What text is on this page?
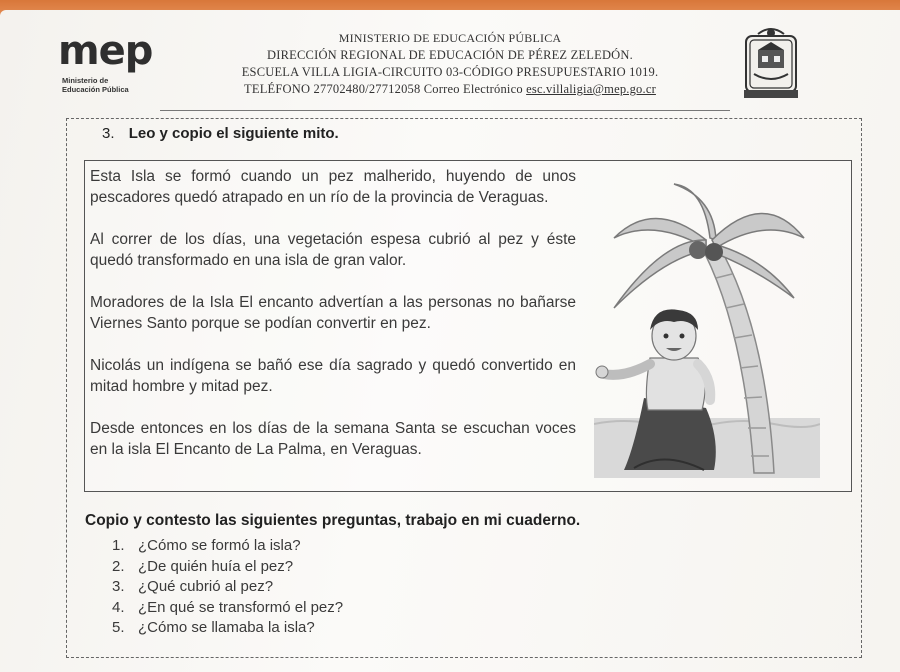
mep
Ministerio de
Educación Pública
MINISTERIO DE EDUCACIÓN PÚBLICA
DIRECCIÓN REGIONAL DE EDUCACIÓN DE PÉREZ ZELEDÓN.
ESCUELA VILLA LIGIA-CIRCUITO 03-CÓDIGO PRESUPUESTARIO 1019.
TELÉFONO 27702480/27712058 Correo Electrónico esc.villaligia@mep.go.cr
3. Leo y copio el siguiente mito.

Esta Isla se formó cuando un pez malherido, huyendo de unos pescadores quedó atrapado en un río de la provincia de Veraguas.

Al correr de los días, una vegetación espesa cubrió al pez y éste quedó transformado en una isla de gran valor.

Moradores de la Isla El encanto advertían a las personas no bañarse Viernes Santo porque se podían convertir en pez.

Nicolás un indígena se bañó ese día sagrado y quedó convertido en mitad hombre y mitad pez.

Desde entonces en los días de la semana Santa se escuchan voces en la isla El Encanto de La Palma, en Veraguas.

Copio y contesto las siguientes preguntas, trabajo en mi cuaderno.
1. ¿Cómo se formó la isla?
2. ¿De quién huía el pez?
3. ¿Qué cubrió al pez?
4. ¿En qué se transformó el pez?
5. ¿Cómo se llamaba la isla?
